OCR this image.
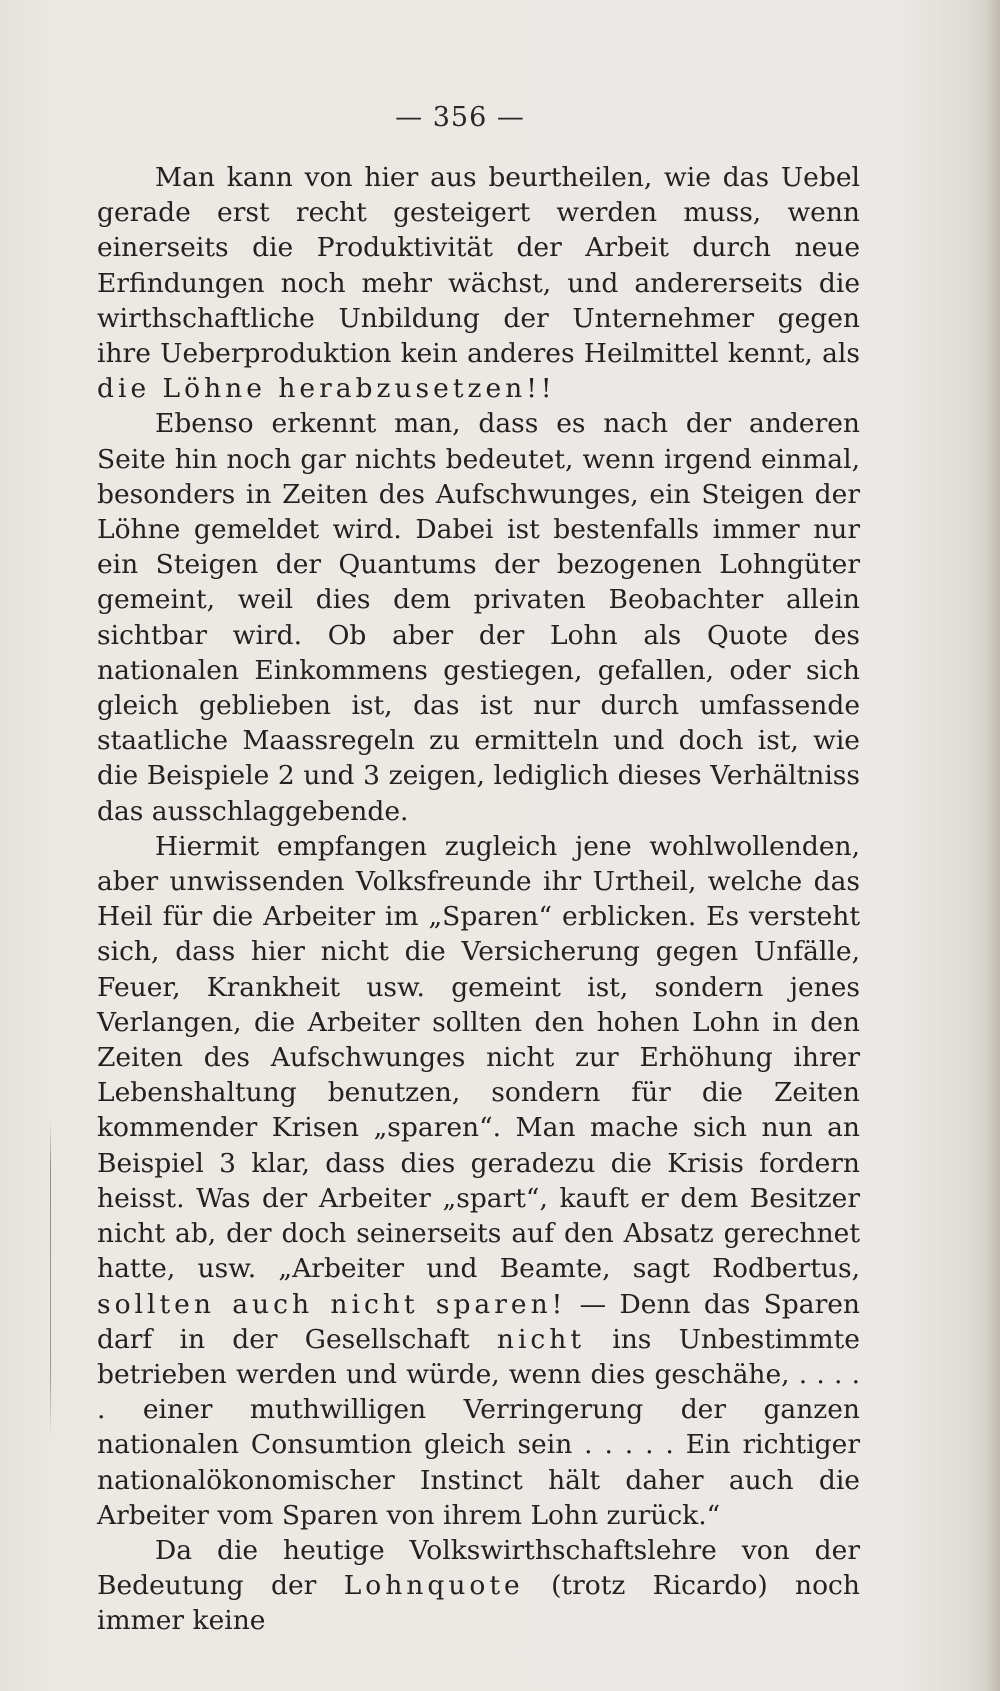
— 356 —

Man kann von hier aus beurtheilen, wie das Uebel gerade erst recht gesteigert werden muss, wenn einerseits die Produktivität der Arbeit durch neue Erfindungen noch mehr wächst, und andererseits die wirthschaftliche Unbildung der Unternehmer gegen ihre Ueberproduktion kein anderes Heilmittel kennt, als die Löhne herabzusetzen!!

Ebenso erkennt man, dass es nach der anderen Seite hin noch gar nichts bedeutet, wenn irgend einmal, besonders in Zeiten des Aufschwunges, ein Steigen der Löhne gemeldet wird. Dabei ist bestenfalls immer nur ein Steigen der Quantums der bezogenen Lohngüter gemeint, weil dies dem privaten Beobachter allein sichtbar wird. Ob aber der Lohn als Quote des nationalen Einkommens gestiegen, gefallen, oder sich gleich geblieben ist, das ist nur durch umfassende staatliche Maassregeln zu ermitteln und doch ist, wie die Beispiele 2 und 3 zeigen, lediglich dieses Verhältniss das ausschlaggebende.

Hiermit empfangen zugleich jene wohlwollenden, aber unwissenden Volksfreunde ihr Urtheil, welche das Heil für die Arbeiter im „Sparen“ erblicken. Es versteht sich, dass hier nicht die Versicherung gegen Unfälle, Feuer, Krankheit usw. gemeint ist, sondern jenes Verlangen, die Arbeiter sollten den hohen Lohn in den Zeiten des Aufschwunges nicht zur Erhöhung ihrer Lebenshaltung benutzen, sondern für die Zeiten kommender Krisen „sparen“. Man mache sich nun an Beispiel 3 klar, dass dies geradezu die Krisis fordern heisst. Was der Arbeiter „spart“, kauft er dem Besitzer nicht ab, der doch seinerseits auf den Absatz gerechnet hatte, usw. „Arbeiter und Beamte, sagt Rodbertus, sollten auch nicht sparen! — Denn das Sparen darf in der Gesellschaft nicht ins Unbestimmte betrieben werden und würde, wenn dies geschähe, . . . . . einer muthwilligen Verringerung der ganzen nationalen Consumtion gleich sein . . . . . Ein richtiger nationalökonomischer Instinct hält daher auch die Arbeiter vom Sparen von ihrem Lohn zurück.“

Da die heutige Volkswirthschaftslehre von der Bedeutung der Lohnquote (trotz Ricardo) noch immer keine
